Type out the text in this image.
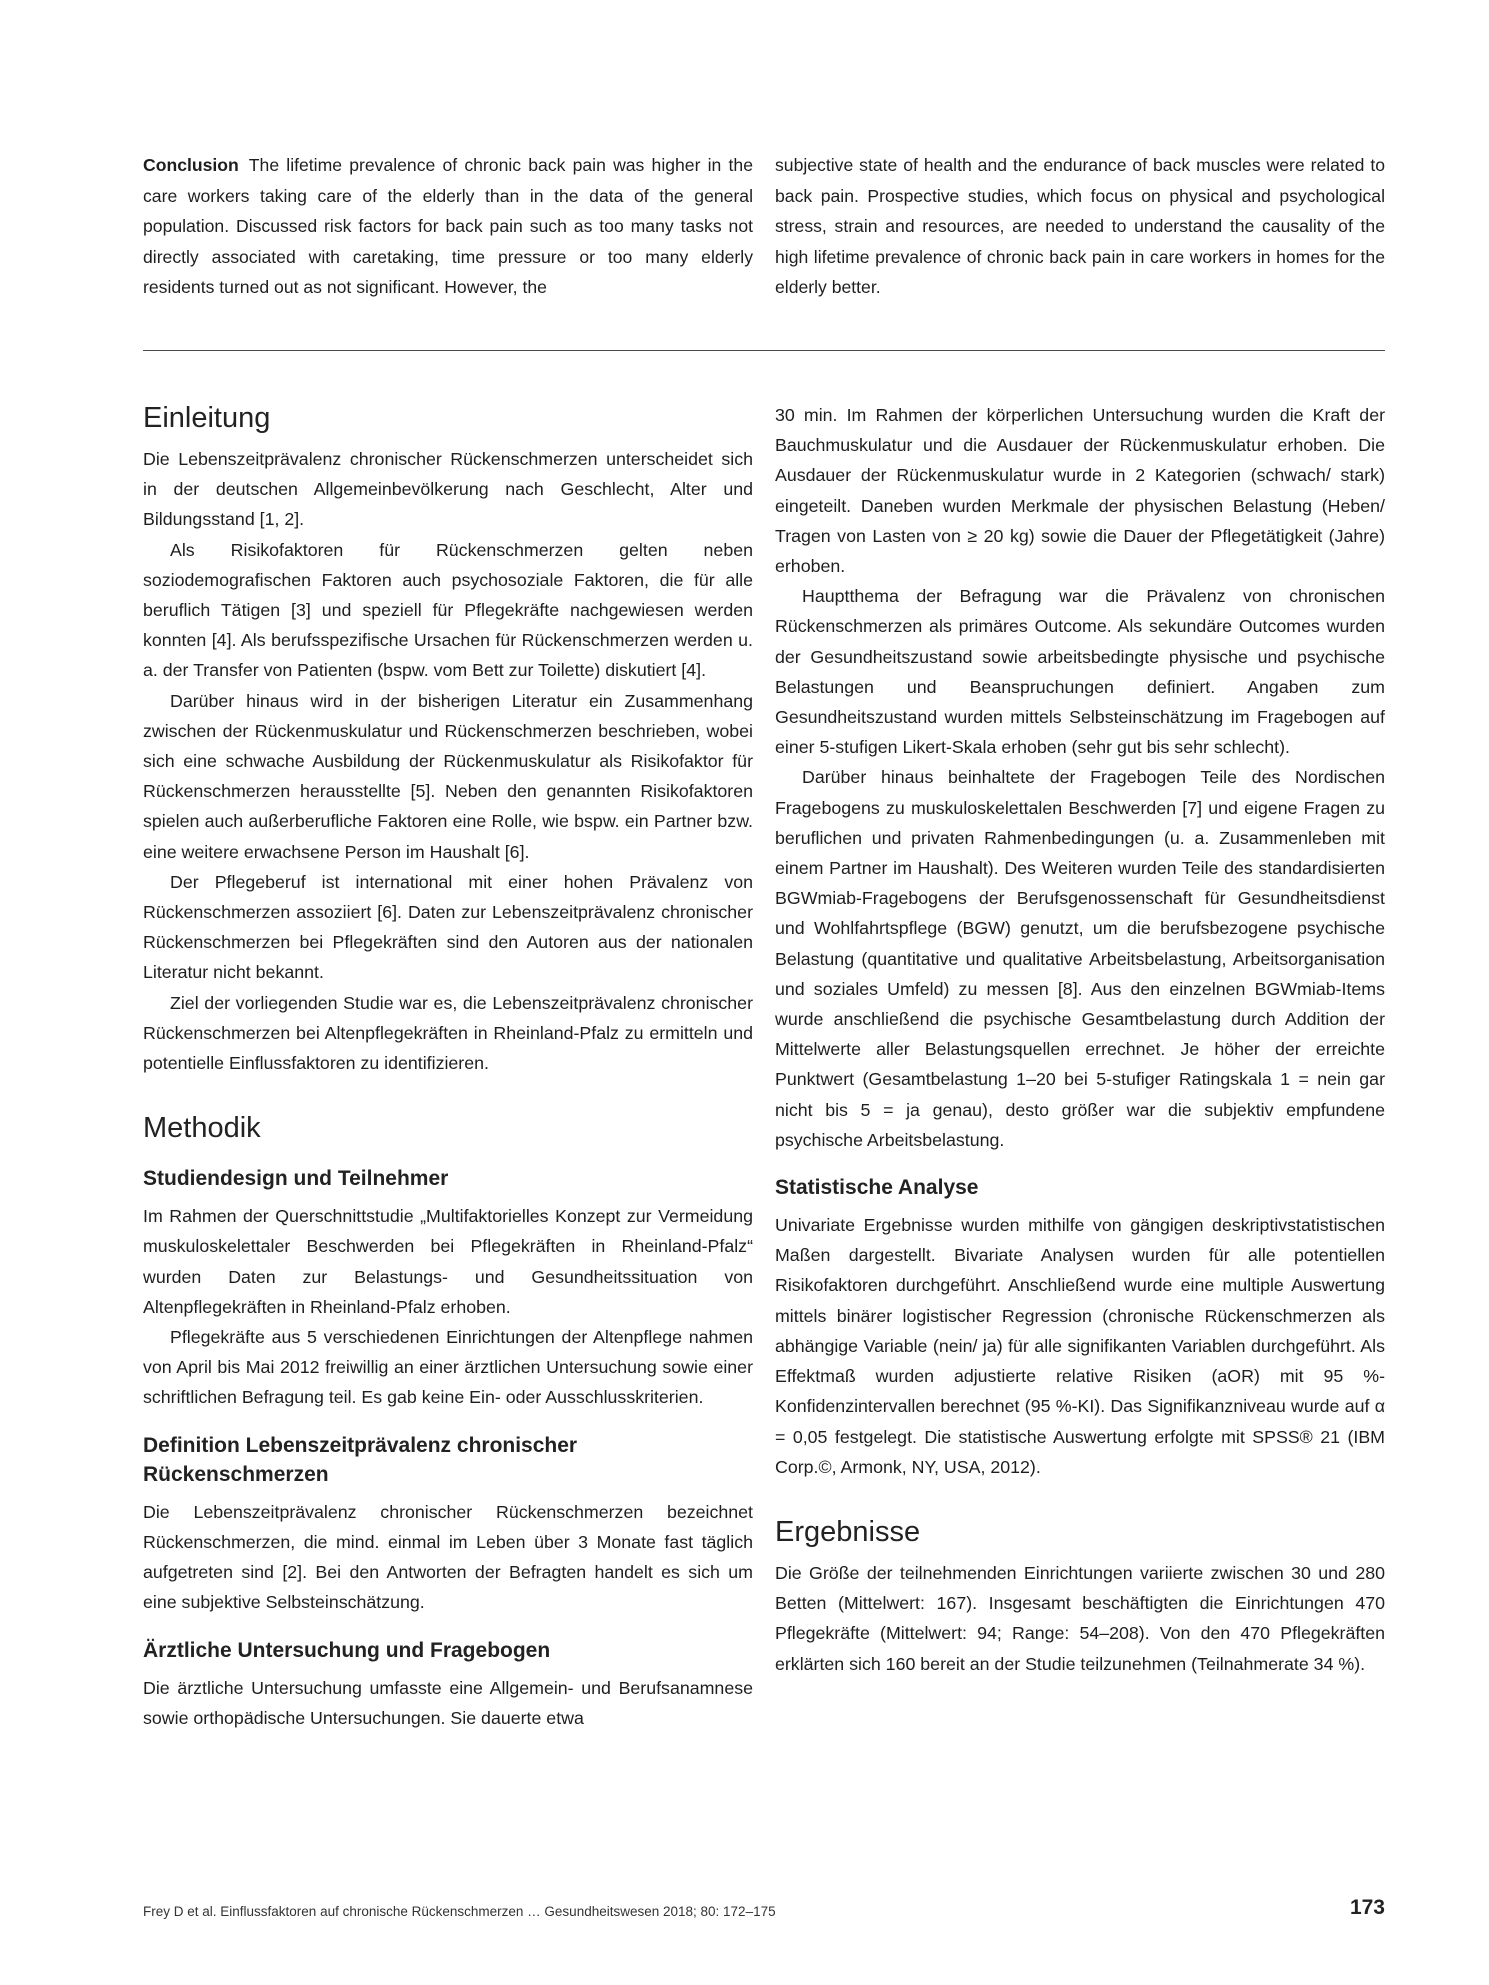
Conclusion The lifetime prevalence of chronic back pain was higher in the care workers taking care of the elderly than in the data of the general population. Discussed risk factors for back pain such as too many tasks not directly associated with caretaking, time pressure or too many elderly residents turned out as not significant. However, the
subjective state of health and the endurance of back muscles were related to back pain. Prospective studies, which focus on physical and psychological stress, strain and resources, are needed to understand the causality of the high lifetime prevalence of chronic back pain in care workers in homes for the elderly better.
Einleitung

Die Lebenszeitprävalenz chronischer Rückenschmerzen unterscheidet sich in der deutschen Allgemeinbevölkerung nach Geschlecht, Alter und Bildungsstand [1, 2].

Als Risikofaktoren für Rückenschmerzen gelten neben soziodemografischen Faktoren auch psychosoziale Faktoren, die für alle beruflich Tätigen [3] und speziell für Pflegekräfte nachgewiesen werden konnten [4]. Als berufsspezifische Ursachen für Rückenschmerzen werden u. a. der Transfer von Patienten (bspw. vom Bett zur Toilette) diskutiert [4].

Darüber hinaus wird in der bisherigen Literatur ein Zusammenhang zwischen der Rückenmuskulatur und Rückenschmerzen beschrieben, wobei sich eine schwache Ausbildung der Rückenmuskulatur als Risikofaktor für Rückenschmerzen herausstellte [5]. Neben den genannten Risikofaktoren spielen auch außerberufliche Faktoren eine Rolle, wie bspw. ein Partner bzw. eine weitere erwachsene Person im Haushalt [6].

Der Pflegeberuf ist international mit einer hohen Prävalenz von Rückenschmerzen assoziiert [6]. Daten zur Lebenszeitprävalenz chronischer Rückenschmerzen bei Pflegekräften sind den Autoren aus der nationalen Literatur nicht bekannt.

Ziel der vorliegenden Studie war es, die Lebenszeitprävalenz chronischer Rückenschmerzen bei Altenpflegekräften in Rheinland-Pfalz zu ermitteln und potentielle Einflussfaktoren zu identifizieren.

Methodik
Studiendesign und Teilnehmer

Im Rahmen der Querschnittstudie „Multifaktorielles Konzept zur Vermeidung muskuloskelettaler Beschwerden bei Pflegekräften in Rheinland-Pfalz“ wurden Daten zur Belastungs- und Gesundheitssituation von Altenpflegekräften in Rheinland-Pfalz erhoben.

Pflegekräfte aus 5 verschiedenen Einrichtungen der Altenpflege nahmen von April bis Mai 2012 freiwillig an einer ärztlichen Untersuchung sowie einer schriftlichen Befragung teil. Es gab keine Ein- oder Ausschlusskriterien.

Definition Lebenszeitprävalenz chronischer Rückenschmerzen

Die Lebenszeitprävalenz chronischer Rückenschmerzen bezeichnet Rückenschmerzen, die mind. einmal im Leben über 3 Monate fast täglich aufgetreten sind [2]. Bei den Antworten der Befragten handelt es sich um eine subjektive Selbsteinschätzung.

Ärztliche Untersuchung und Fragebogen

Die ärztliche Untersuchung umfasste eine Allgemein- und Berufsanamnese sowie orthopädische Untersuchungen. Sie dauerte etwa

30 min. Im Rahmen der körperlichen Untersuchung wurden die Kraft der Bauchmuskulatur und die Ausdauer der Rückenmuskulatur erhoben. Die Ausdauer der Rückenmuskulatur wurde in 2 Kategorien (schwach/ stark) eingeteilt. Daneben wurden Merkmale der physischen Belastung (Heben/ Tragen von Lasten von ≥ 20 kg) sowie die Dauer der Pflegetätigkeit (Jahre) erhoben.

Hauptthema der Befragung war die Prävalenz von chronischen Rückenschmerzen als primäres Outcome. Als sekundäre Outcomes wurden der Gesundheitszustand sowie arbeitsbedingte physische und psychische Belastungen und Beanspruchungen definiert. Angaben zum Gesundheitszustand wurden mittels Selbsteinschätzung im Fragebogen auf einer 5-stufigen Likert-Skala erhoben (sehr gut bis sehr schlecht).

Darüber hinaus beinhaltete der Fragebogen Teile des Nordischen Fragebogens zu muskuloskelettalen Beschwerden [7] und eigene Fragen zu beruflichen und privaten Rahmenbedingungen (u. a. Zusammenleben mit einem Partner im Haushalt). Des Weiteren wurden Teile des standardisierten BGWmiab-Fragebogens der Berufsgenossenschaft für Gesundheitsdienst und Wohlfahrtspflege (BGW) genutzt, um die berufsbezogene psychische Belastung (quantitative und qualitative Arbeitsbelastung, Arbeitsorganisation und soziales Umfeld) zu messen [8]. Aus den einzelnen BGWmiab-Items wurde anschließend die psychische Gesamtbelastung durch Addition der Mittelwerte aller Belastungsquellen errechnet. Je höher der erreichte Punktwert (Gesamtbelastung 1–20 bei 5-stufiger Ratingskala 1 = nein gar nicht bis 5 = ja genau), desto größer war die subjektiv empfundene psychische Arbeitsbelastung.

Statistische Analyse

Univariate Ergebnisse wurden mithilfe von gängigen deskriptivstatistischen Maßen dargestellt. Bivariate Analysen wurden für alle potentiellen Risikofaktoren durchgeführt. Anschließend wurde eine multiple Auswertung mittels binärer logistischer Regression (chronische Rückenschmerzen als abhängige Variable (nein/ ja) für alle signifikanten Variablen durchgeführt. Als Effektmaß wurden adjustierte relative Risiken (aOR) mit 95 %-Konfidenzintervallen berechnet (95 %-KI). Das Signifikanzniveau wurde auf α = 0,05 festgelegt. Die statistische Auswertung erfolgte mit SPSS® 21 (IBM Corp.©, Armonk, NY, USA, 2012).

Ergebnisse

Die Größe der teilnehmenden Einrichtungen variierte zwischen 30 und 280 Betten (Mittelwert: 167). Insgesamt beschäftigten die Einrichtungen 470 Pflegekräfte (Mittelwert: 94; Range: 54–208). Von den 470 Pflegekräften erklärten sich 160 bereit an der Studie teilzunehmen (Teilnahmerate 34 %).

Frey D et al. Einflussfaktoren auf chronische Rückenschmerzen … Gesundheitswesen 2018; 80: 172–175	173
